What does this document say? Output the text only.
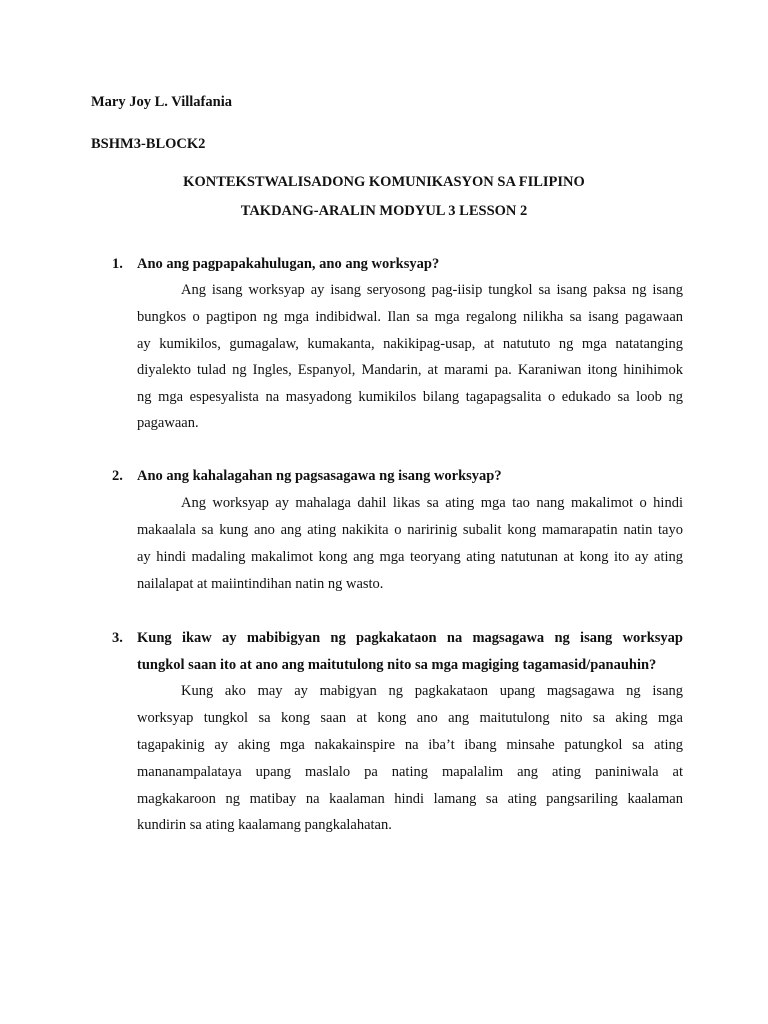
Mary Joy L. Villafania
BSHM3-BLOCK2
KONTEKSTWALISADONG KOMUNIKASYON SA FILIPINO
TAKDANG-ARALIN MODYUL 3 LESSON 2
1. Ano ang pagpapakahulugan, ano ang worksyap?
Ang isang worksyap ay isang seryosong pag-iisip tungkol sa isang paksa ng isang
bungkos o pagtipon ng mga indibidwal. Ilan sa mga regalong nilikha sa isang pagawaan
ay kumikilos, gumagalaw, kumakanta, nakikipag-usap, at natututo ng mga natatanging
diyalekto tulad ng Ingles, Espanyol, Mandarin, at marami pa. Karaniwan itong hinihimok
ng mga espesyalista na masyadong kumikilos bilang tagapagsalita o edukado sa loob ng
pagawaan.
2. Ano ang kahalagahan ng pagsasagawa ng isang worksyap?
Ang worksyap ay mahalaga dahil likas sa ating mga tao nang makalimot o hindi
makaalala sa kung ano ang ating nakikita o naririnig subalit kong mamarapatin natin tayo
ay hindi madaling makalimot kong ang mga teoryang ating natutunan at kong ito ay ating
nailalapat at maiintindihan natin ng wasto.
3. Kung ikaw ay mabibigyan ng pagkakataon na magsagawa ng isang worksyap
tungkol saan ito at ano ang maitutulong nito sa mga magiging tagamasid/panauhin?
Kung ako may ay mabigyan ng pagkakataon upang magsagawa ng isang
worksyap tungkol sa kong saan at kong ano ang maitutulong nito sa aking mga
tagapakinig ay aking mga nakakainspire na iba’t ibang minsahe patungkol sa ating
mananampalataya upang maslalo pa nating mapalalim ang ating paniniwala at
magkakaroon ng matibay na kaalaman hindi lamang sa ating pangsariling kaalaman
kundirin sa ating kaalamang pangkalahatan.
